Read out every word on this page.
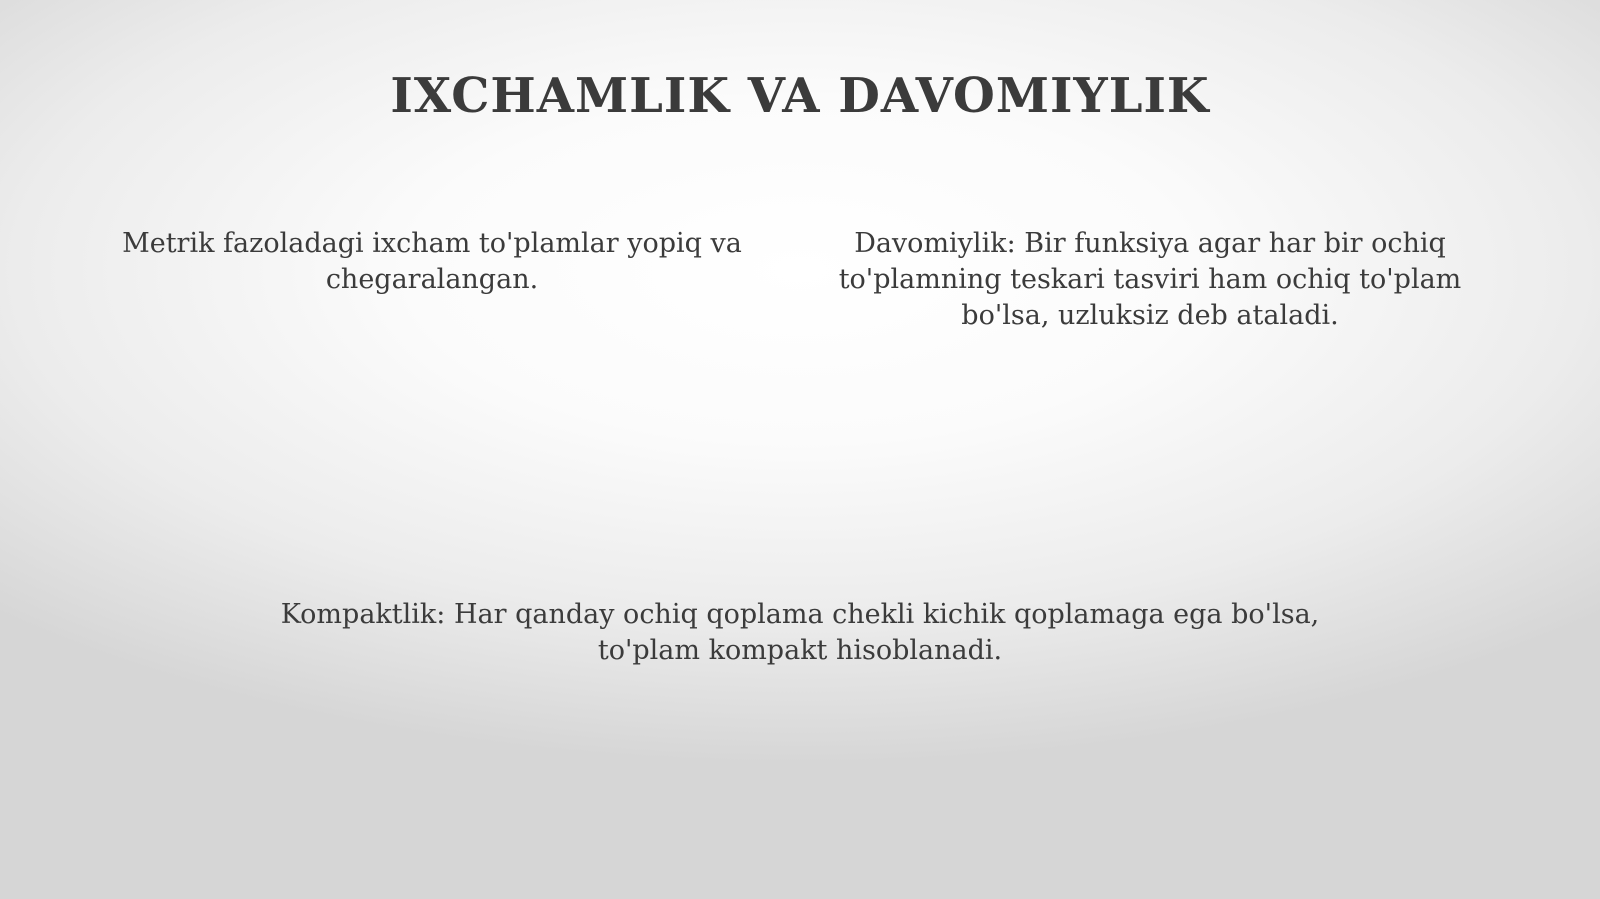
IXCHAMLIK VA DAVOMIYLIK

Metrik fazoladagi ixcham to'plamlar yopiq va chegaralangan.

Davomiylik: Bir funksiya agar har bir ochiq to'plamning teskari tasviri ham ochiq to'plam bo'lsa, uzluksiz deb ataladi.

Kompaktlik: Har qanday ochiq qoplama chekli kichik qoplamaga ega bo'lsa, to'plam kompakt hisoblanadi.
